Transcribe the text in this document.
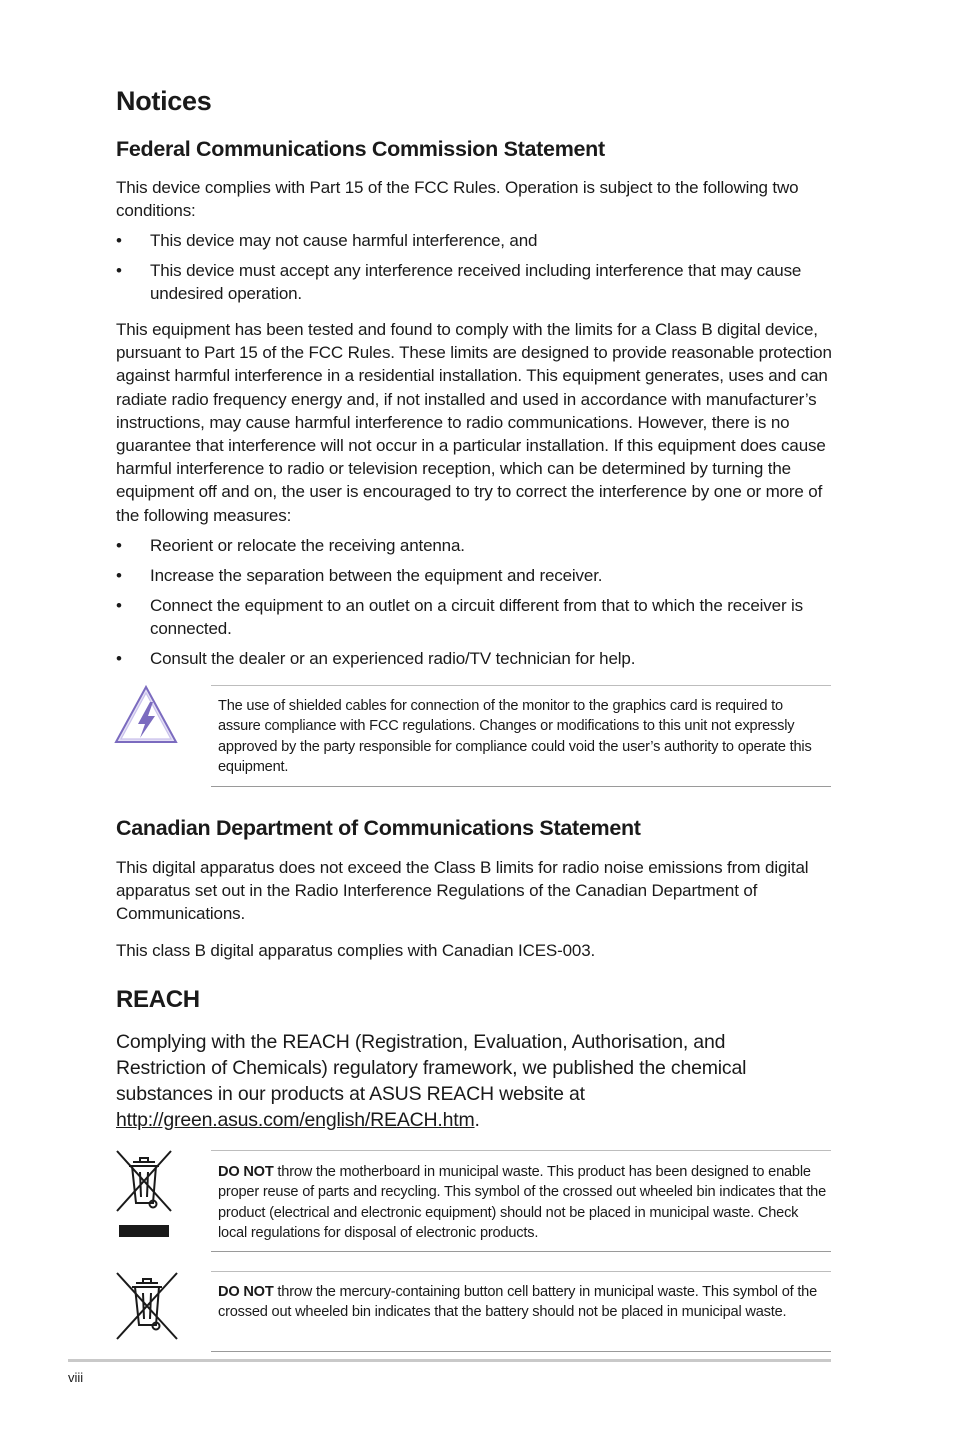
Notices
Federal Communications Commission Statement

This device complies with Part 15 of the FCC Rules. Operation is subject to the following two conditions:

• This device may not cause harmful interference, and
• This device must accept any interference received including interference that may cause undesired operation.

This equipment has been tested and found to comply with the limits for a Class B digital device, pursuant to Part 15 of the FCC Rules. These limits are designed to provide reasonable protection against harmful interference in a residential installation. This equipment generates, uses and can radiate radio frequency energy and, if not installed and used in accordance with manufacturer’s instructions, may cause harmful interference to radio communications. However, there is no guarantee that interference will not occur in a particular installation. If this equipment does cause harmful interference to radio or television reception, which can be determined by turning the equipment off and on, the user is encouraged to try to correct the interference by one or more of the following measures:

• Reorient or relocate the receiving antenna.
• Increase the separation between the equipment and receiver.
• Connect the equipment to an outlet on a circuit different from that to which the receiver is connected.
• Consult the dealer or an experienced radio/TV technician for help.
The use of shielded cables for connection of the monitor to the graphics card is required to assure compliance with FCC regulations. Changes or modifications to this unit not expressly approved by the party responsible for compliance could void the user’s authority to operate this equipment.
Canadian Department of Communications Statement

This digital apparatus does not exceed the Class B limits for radio noise emissions from digital apparatus set out in the Radio Interference Regulations of the Canadian Department of Communications.

This class B digital apparatus complies with Canadian ICES-003.

REACH

Complying with the REACH (Registration, Evaluation, Authorisation, and Restriction of Chemicals) regulatory framework, we published the chemical substances in our products at ASUS REACH website at http://green.asus.com/english/REACH.htm.

DO NOT throw the motherboard in municipal waste. This product has been designed to enable proper reuse of parts and recycling. This symbol of the crossed out wheeled bin indicates that the product (electrical and electronic equipment) should not be placed in municipal waste. Check local regulations for disposal of electronic products.
DO NOT throw the mercury-containing button cell battery in municipal waste. This symbol of the crossed out wheeled bin indicates that the battery should not be placed in municipal waste.
viii
